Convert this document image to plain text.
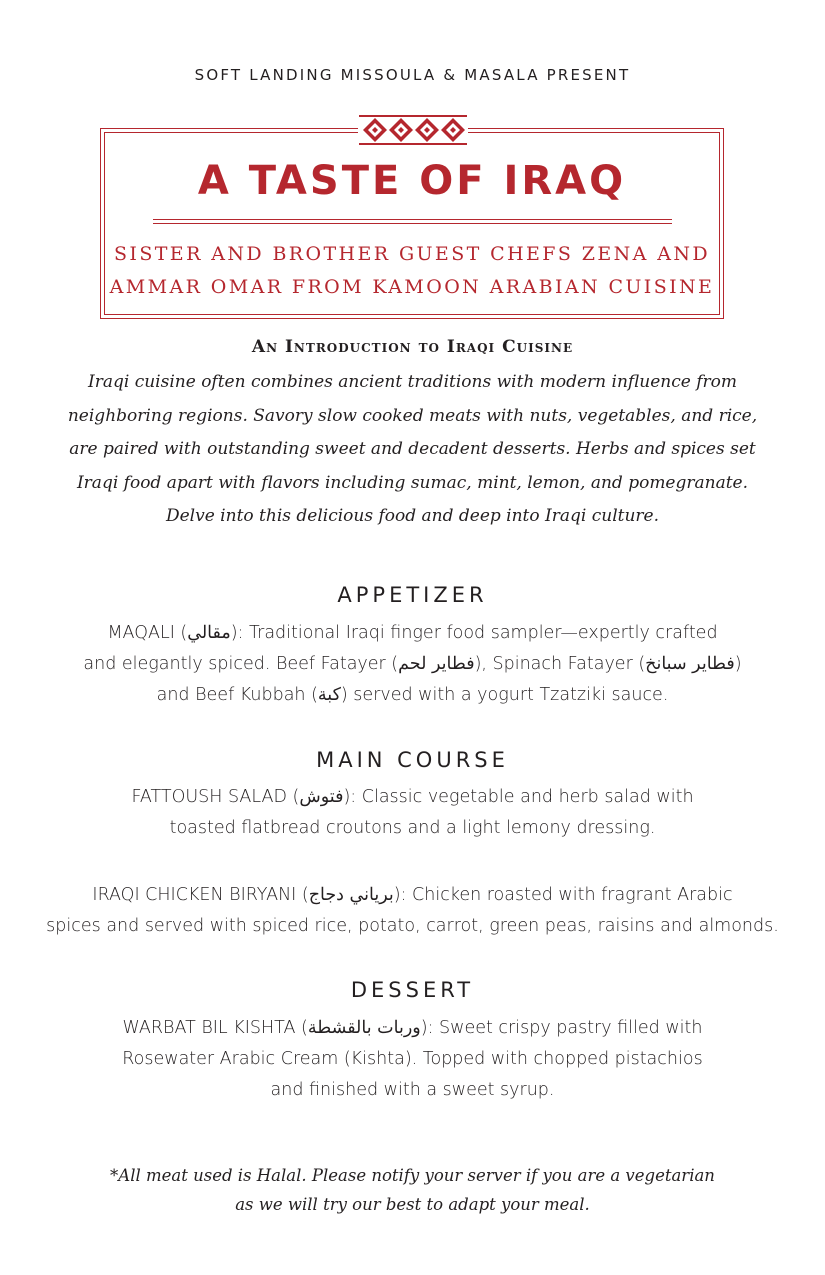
SOFT LANDING MISSOULA & MASALA PRESENT
A TASTE OF IRAQ
SISTER AND BROTHER GUEST CHEFS ZENA AND
AMMAR OMAR FROM KAMOON ARABIAN CUISINE
An Introduction to Iraqi Cuisine
Iraqi cuisine often combines ancient traditions with modern influence from
neighboring regions. Savory slow cooked meats with nuts, vegetables, and rice,
are paired with outstanding sweet and decadent desserts. Herbs and spices set
Iraqi food apart with flavors including sumac, mint, lemon, and pomegranate.
Delve into this delicious food and deep into Iraqi culture.
APPETIZER
MAQALI (مقالي): Traditional Iraqi finger food sampler—expertly crafted
and elegantly spiced. Beef Fatayer (فطاير لحم), Spinach Fatayer (فطاير سبانخ)
and Beef Kubbah (كبة) served with a yogurt Tzatziki sauce.
MAIN COURSE
FATTOUSH SALAD (فتوش): Classic vegetable and herb salad with
toasted flatbread croutons and a light lemony dressing.
IRAQI CHICKEN BIRYANI (برياني دجاج): Chicken roasted with fragrant Arabic
spices and served with spiced rice, potato, carrot, green peas, raisins and almonds.
DESSERT
WARBAT BIL KISHTA (وربات بالقشطة): Sweet crispy pastry filled with
Rosewater Arabic Cream (Kishta). Topped with chopped pistachios
and finished with a sweet syrup.
*All meat used is Halal. Please notify your server if you are a vegetarian
as we will try our best to adapt your meal.
